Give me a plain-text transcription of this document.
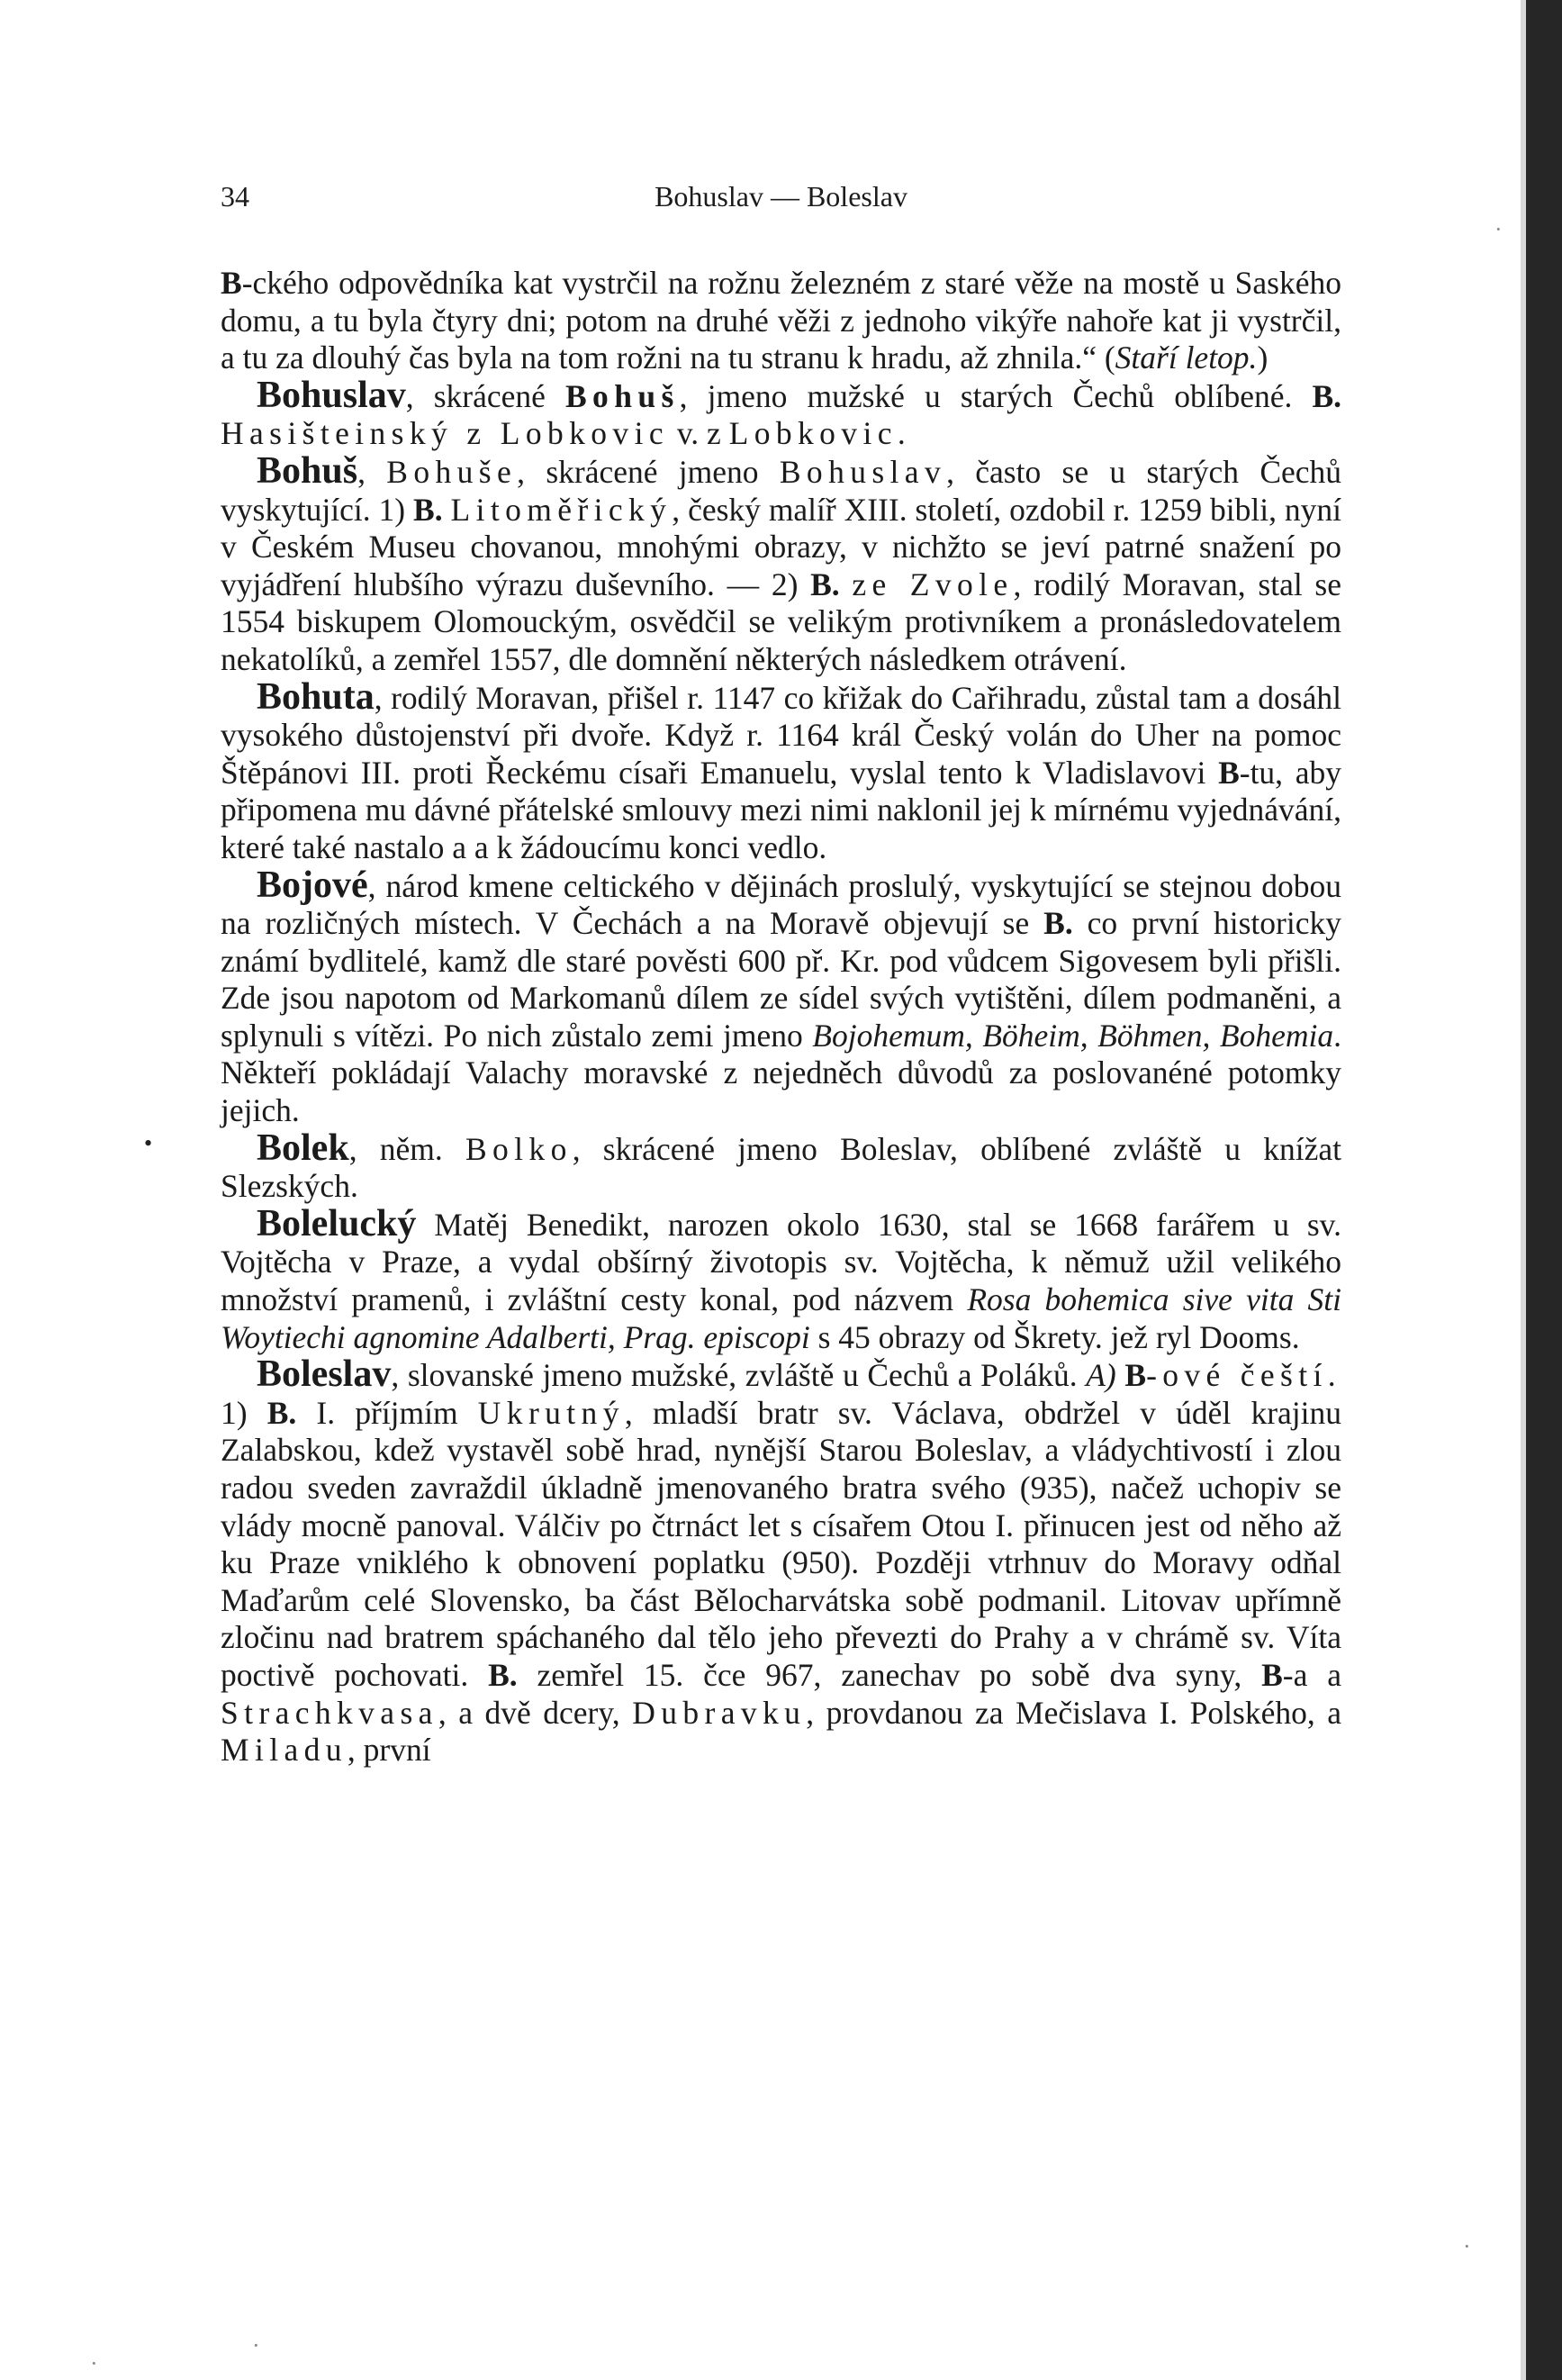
·
•
·
·
·
34	Bohuslav — Boleslav

B-ckého odpovědníka kat vystrčil na rožnu železném z staré věže na mostě u Saského domu, a tu byla čtyry dni; potom na druhé věži z jednoho vikýře nahoře kat ji vystrčil, a tu za dlouhý čas byla na tom rožni na tu stranu k hradu, až zhnila.“ (Staří letop.)

Bohuslav, skrácené Bohuš, jmeno mužské u starých Čechů oblíbené. B. Hasišteinský z Lobkovic v. z Lobkovic.

Bohuš, Bohuše, skrácené jmeno Bohuslav, často se u starých Čechů vyskytující. 1) B. Litoměřický, český malíř XIII. století, ozdobil r. 1259 bibli, nyní v Českém Museu chovanou, mnohými obrazy, v nichžto se jeví patrné snažení po vyjádření hlubšího výrazu duševního. — 2) B. ze Zvole, rodilý Moravan, stal se 1554 biskupem Olomouckým, osvědčil se velikým protivníkem a pronásledovatelem nekatolíků, a zemřel 1557, dle domnění některých následkem otrávení.

Bohuta, rodilý Moravan, přišel r. 1147 co křižak do Cařihradu, zůstal tam a dosáhl vysokého důstojenství při dvoře. Když r. 1164 král Český volán do Uher na pomoc Štěpánovi III. proti Řeckému císaři Emanuelu, vyslal tento k Vladislavovi B-tu, aby připomena mu dávné přátelské smlouvy mezi nimi naklonil jej k mírnému vyjednávání, které také nastalo a a k žádoucímu konci vedlo.

Bojové, národ kmene celtického v dějinách proslulý, vyskytující se stejnou dobou na rozličných místech. V Čechách a na Moravě objevují se B. co první historicky známí bydlitelé, kamž dle staré pověsti 600 př. Kr. pod vůdcem Sigovesem byli přišli. Zde jsou napotom od Markomanů dílem ze sídel svých vytištěni, dílem podmaněni, a splynuli s vítězi. Po nich zůstalo zemi jmeno Bojohemum, Böheim, Böhmen, Bohemia. Někteří pokládají Valachy moravské z nejedněch důvodů za poslovanéné potomky jejich.

Bolek, něm. Bolko, skrácené jmeno Boleslav, oblíbené zvláště u knížat Slezských.

Bolelucký Matěj Benedikt, narozen okolo 1630, stal se 1668 farářem u sv. Vojtěcha v Praze, a vydal obšírný životopis sv. Vojtěcha, k němuž užil velikého množství pramenů, i zvláštní cesty konal, pod názvem Rosa bohemica sive vita Sti Woytiechi agnomine Adalberti, Prag. episcopi s 45 obrazy od Škrety. jež ryl Dooms.

Boleslav, slovanské jmeno mužské, zvláště u Čechů a Poláků. A) B-ové čeští. 1) B. I. příjmím Ukrutný, mladší bratr sv. Václava, obdržel v úděl krajinu Zalabskou, kdež vystavěl sobě hrad, nynější Starou Boleslav, a vládychtivostí i zlou radou sveden zavraždil úkladně jmenovaného bratra svého (935), načež uchopiv se vlády mocně panoval. Válčiv po čtrnáct let s císařem Otou I. přinucen jest od něho až ku Praze vniklého k obnovení poplatku (950). Později vtrhnuv do Moravy odňal Maďarům celé Slovensko, ba část Bělocharvátska sobě podmanil. Litovav upřímně zločinu nad bratrem spáchaného dal tělo jeho převezti do Prahy a v chrámě sv. Víta poctivě pochovati. B. zemřel 15. čce 967, zanechav po sobě dva syny, B-a a Strachkvasa, a dvě dcery, Dubravku, provdanou za Mečislava I. Polského, a Miladu, první
